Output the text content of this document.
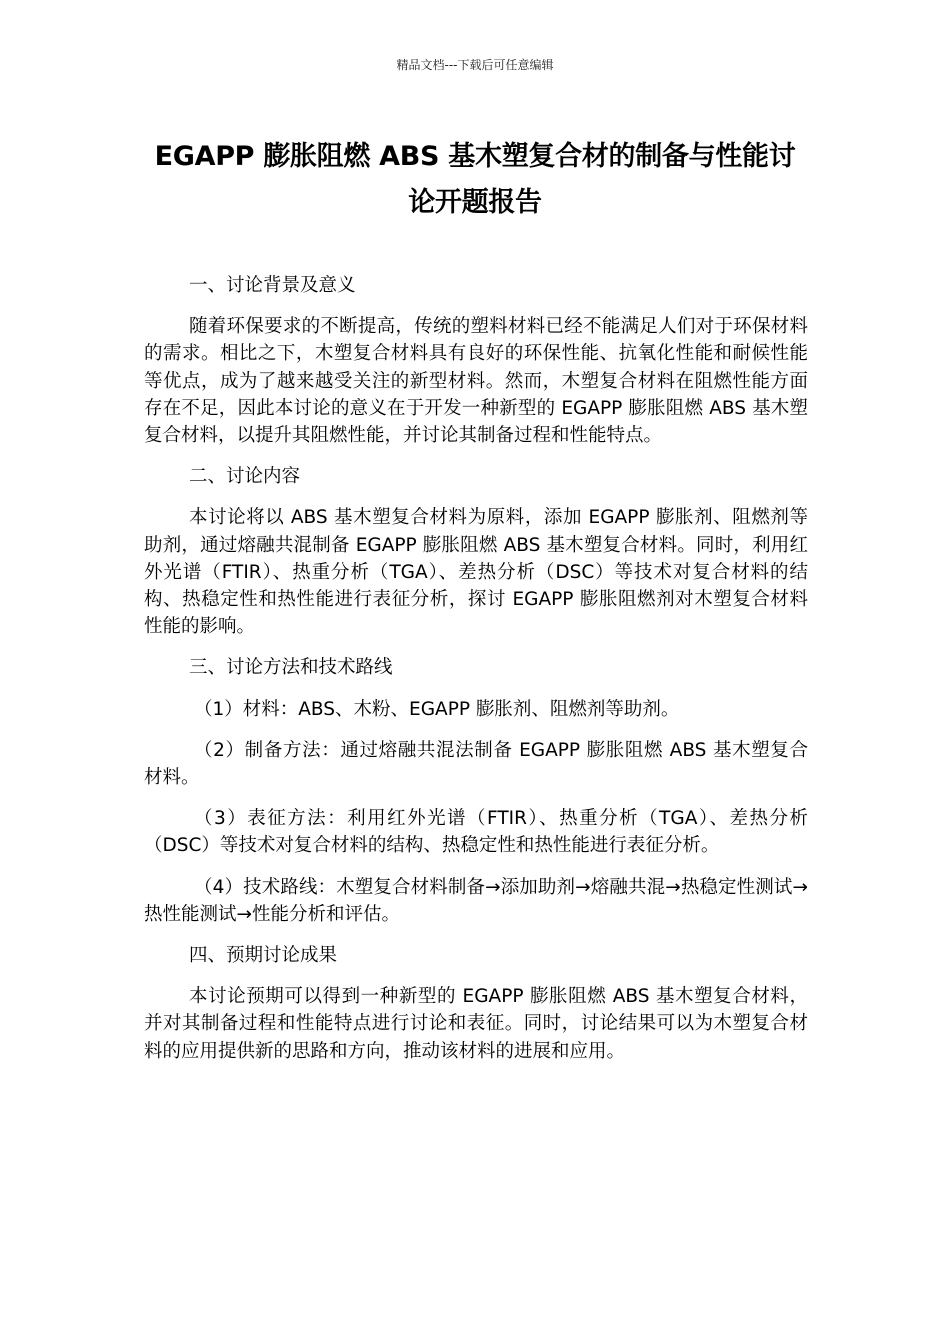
精品文档---下载后可任意编辑
EGAPP 膨胀阻燃 ABS 基木塑复合材的制备与性能讨
论开题报告
一、讨论背景及意义

随着环保要求的不断提高，传统的塑料材料已经不能满足人们对于环保材料的需求。相比之下，木塑复合材料具有良好的环保性能、抗氧化性能和耐候性能等优点，成为了越来越受关注的新型材料。然而，木塑复合材料在阻燃性能方面存在不足，因此本讨论的意义在于开发一种新型的 EGAPP 膨胀阻燃 ABS 基木塑复合材料，以提升其阻燃性能，并讨论其制备过程和性能特点。

二、讨论内容

本讨论将以 ABS 基木塑复合材料为原料，添加 EGAPP 膨胀剂、阻燃剂等助剂，通过熔融共混制备 EGAPP 膨胀阻燃 ABS 基木塑复合材料。同时，利用红外光谱（FTIR）、热重分析（TGA）、差热分析（DSC）等技术对复合材料的结构、热稳定性和热性能进行表征分析，探讨 EGAPP 膨胀阻燃剂对木塑复合材料性能的影响。

三、讨论方法和技术路线

（1）材料：ABS、木粉、EGAPP 膨胀剂、阻燃剂等助剂。

（2）制备方法：通过熔融共混法制备 EGAPP 膨胀阻燃 ABS 基木塑复合材料。

（3）表征方法：利用红外光谱（FTIR）、热重分析（TGA）、差热分析（DSC）等技术对复合材料的结构、热稳定性和热性能进行表征分析。

（4）技术路线：木塑复合材料制备→添加助剂→熔融共混→热稳定性测试→热性能测试→性能分析和评估。

四、预期讨论成果

本讨论预期可以得到一种新型的 EGAPP 膨胀阻燃 ABS 基木塑复合材料，并对其制备过程和性能特点进行讨论和表征。同时，讨论结果可以为木塑复合材料的应用提供新的思路和方向，推动该材料的进展和应用。
